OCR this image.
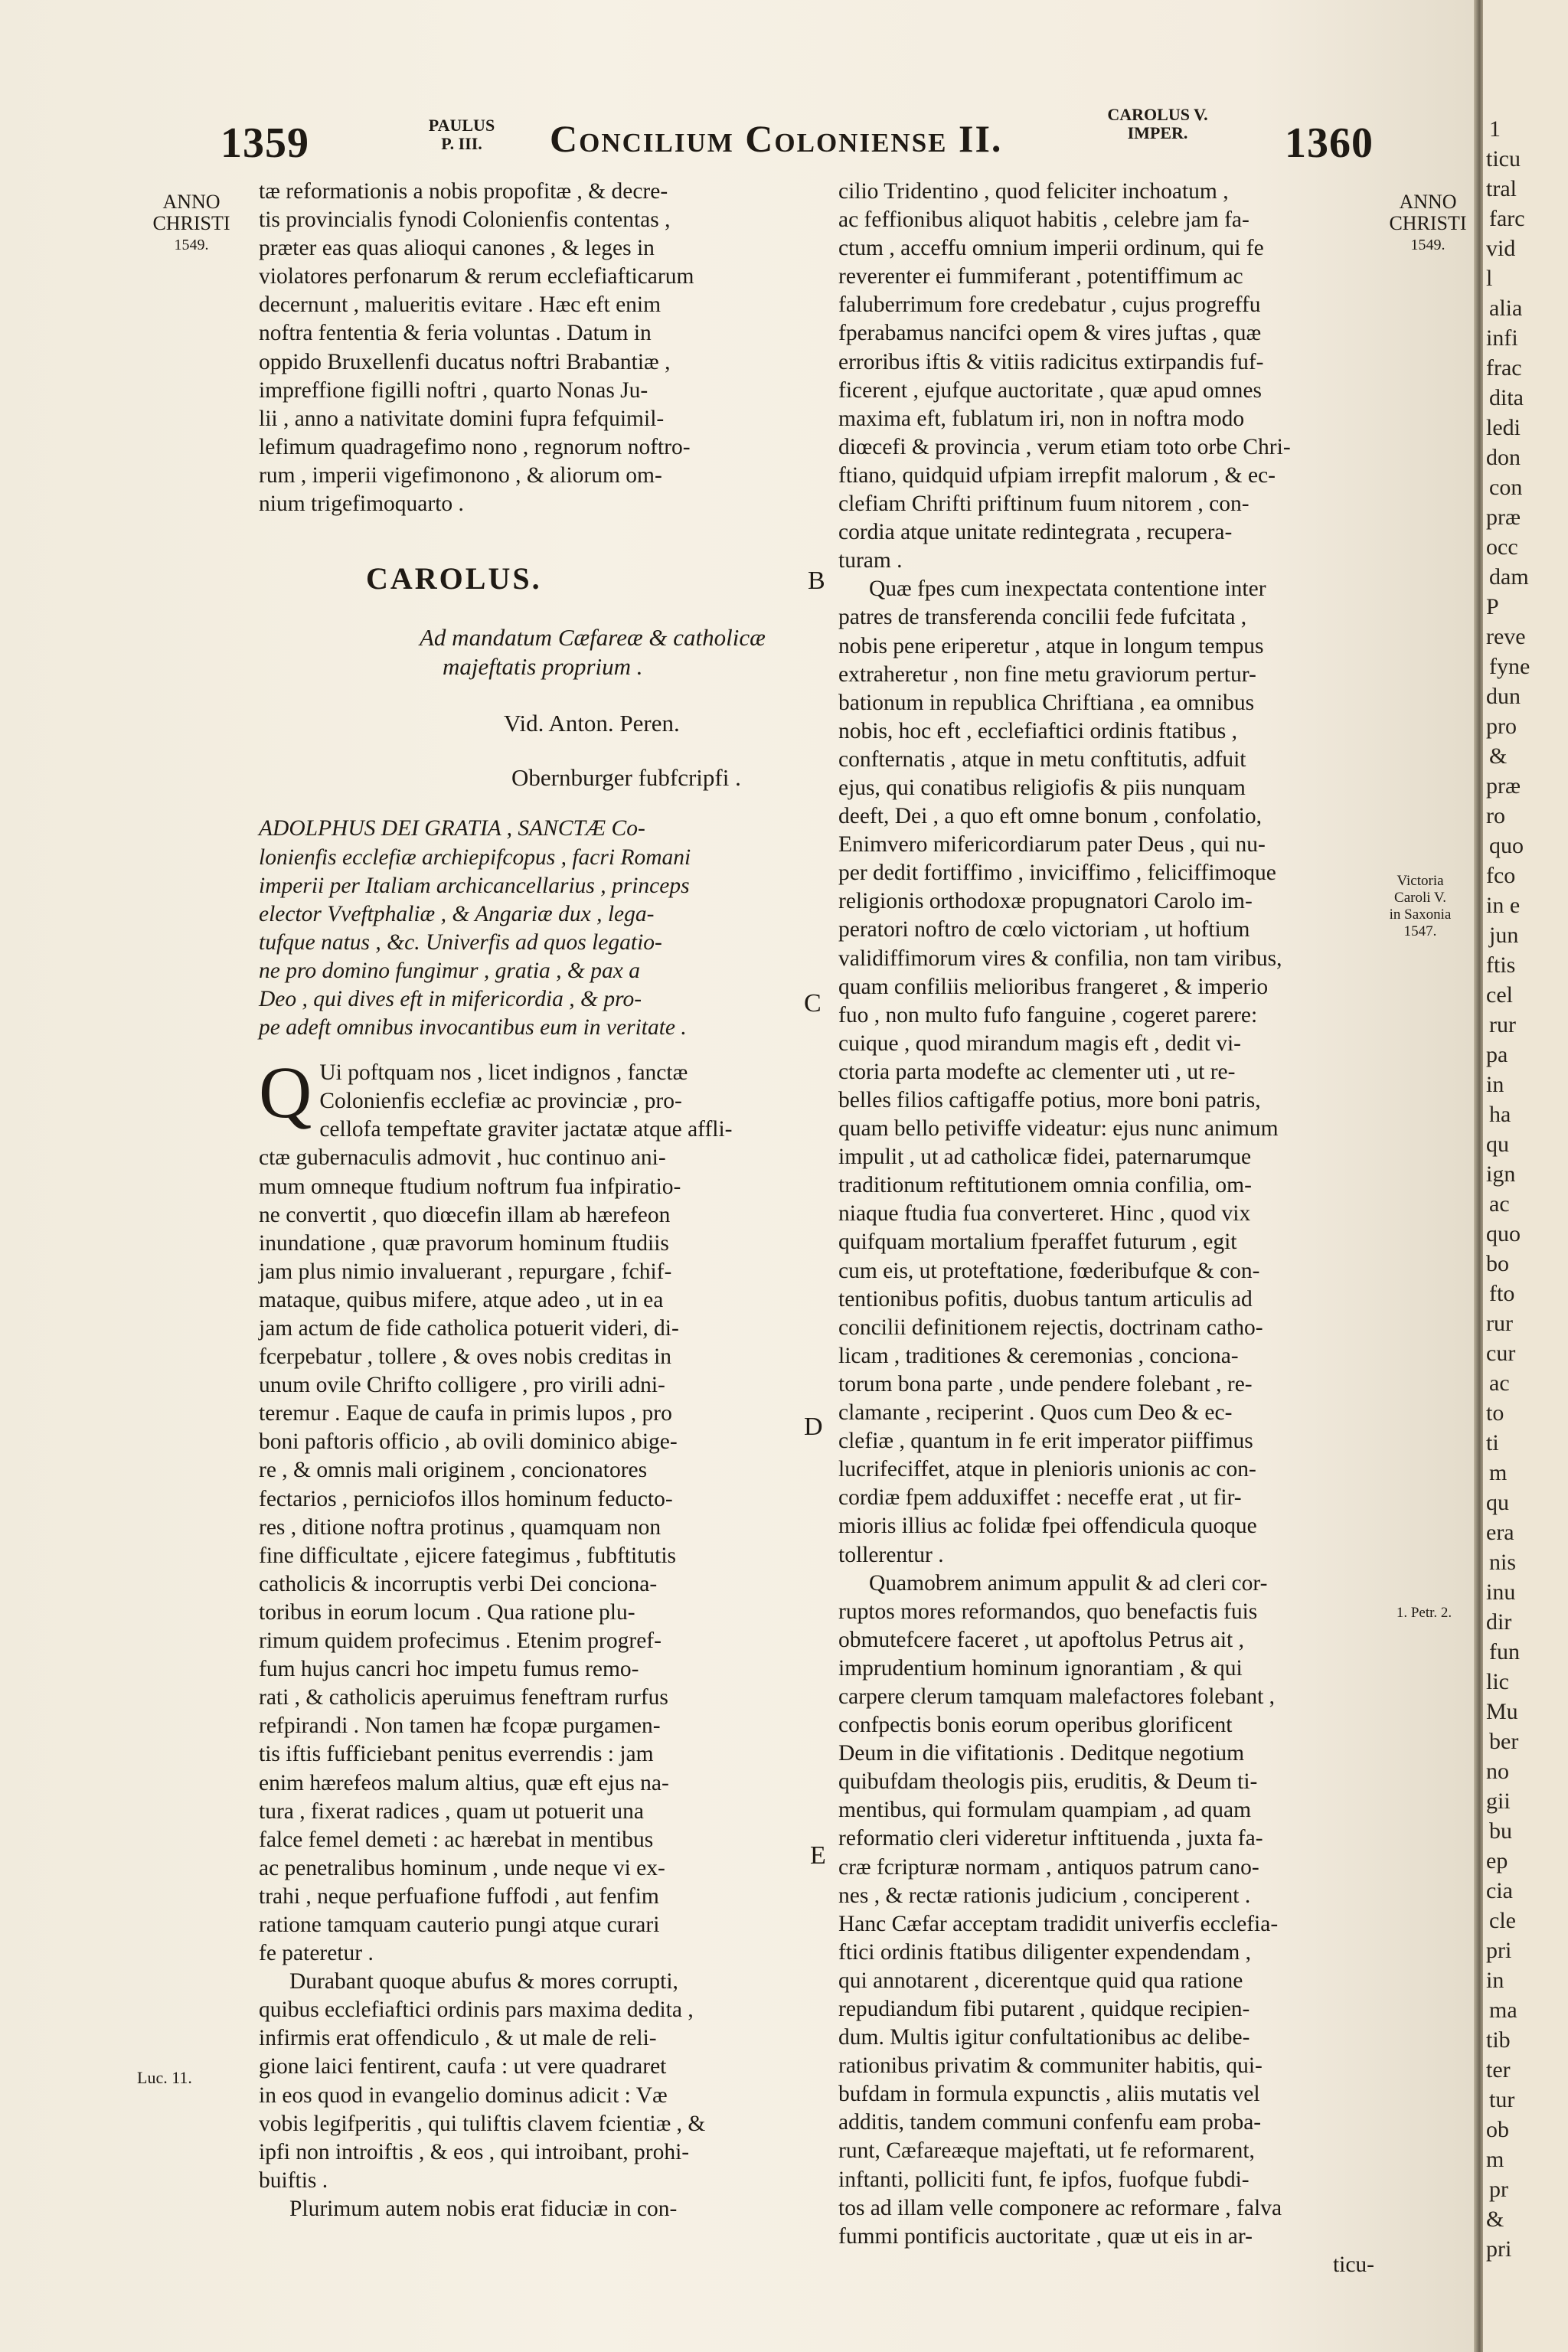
1
ticu
tral
farc
vid
l
alia
infi
frac
dita
ledi
don
con
præ
occ
dam
P
reve
fyne
dun
pro
&
præ
ro
quo
fco
in e
jun
ftis
cel
rur
pa
in
ha
qu
ign
ac
quo
bo
fto
rur
cur
ac
to
ti
m
qu
era
nis
inu
dir
fun
lic
Mu
ber
no
gii
bu
ep
cia
cle
pri
in
ma
tib
ter
tur
ob
m
pr
&
pri
1359	PAULUS
P. III.	Concilium Coloniense II.
CAROLUS V.
IMPER.	1360
ANNO
CHRISTI
1549.
Luc. 11.
ANNO
CHRISTI
1549.
Victoria
Caroli V.
in Saxonia
1547.
1. Petr. 2.
B
C
D
E
tæ reformationis a nobis propofitæ , & decre-
tis provincialis fynodi Colonienfis contentas ,
præter eas quas alioqui canones , & leges in
violatores perfonarum & rerum ecclefiafticarum
decernunt , malueritis evitare . Hæc eft enim
noftra fententia & feria voluntas . Datum in
oppido Bruxellenfi ducatus noftri Brabantiæ ,
impreffione figilli noftri , quarto Nonas Ju-
lii , anno a nativitate domini fupra fefquimil-
lefimum quadragefimo nono , regnorum noftro-
rum , imperii vigefimonono , & aliorum om-
nium trigefimoquarto .
CAROLUS.
Ad mandatum Cæfareæ & catholicæ
majeftatis proprium .
Vid. Anton. Peren.
Obernburger fubfcripfi .
ADOLPHUS DEI GRATIA , SANCTÆ Co-
lonienfis ecclefiæ archiepifcopus , facri Romani
imperii per Italiam archicancellarius , princeps
elector Vveftphaliæ , & Angariæ dux , lega-
tufque natus , &c. Univerfis ad quos legatio-
ne pro domino fungimur , gratia , & pax a
Deo , qui dives eft in mifericordia , & pro-
pe adeft omnibus invocantibus eum in veritate .
Q Ui poftquam nos , licet indignos , fanctæ
Colonienfis ecclefiæ ac provinciæ , pro-
cellofa tempeftate graviter jactatæ atque affli-
ctæ gubernaculis admovit , huc continuo ani-
mum omneque ftudium noftrum fua infpiratio-
ne convertit , quo diœcefin illam ab hærefeon
inundatione , quæ pravorum hominum ftudiis
jam plus nimio invaluerant , repurgare , fchif-
mataque, quibus mifere, atque adeo , ut in ea
jam actum de fide catholica potuerit videri, di-
fcerpebatur , tollere , & oves nobis creditas in
unum ovile Chrifto colligere , pro virili adni-
teremur . Eaque de caufa in primis lupos , pro
boni paftoris officio , ab ovili dominico abige-
re , & omnis mali originem , concionatores
fectarios , perniciofos illos hominum feducto-
res , ditione noftra protinus , quamquam non
fine difficultate , ejicere fategimus , fubftitutis
catholicis & incorruptis verbi Dei conciona-
toribus in eorum locum . Qua ratione plu-
rimum quidem profecimus . Etenim progref-
fum hujus cancri hoc impetu fumus remo-
rati , & catholicis aperuimus feneftram rurfus
refpirandi . Non tamen hæ fcopæ purgamen-
tis iftis fufficiebant penitus everrendis : jam
enim hærefeos malum altius, quæ eft ejus na-
tura , fixerat radices , quam ut potuerit una
falce femel demeti : ac hærebat in mentibus
ac penetralibus hominum , unde neque vi ex-
trahi , neque perfuafione fuffodi , aut fenfim
ratione tamquam cauterio pungi atque curari
fe pateretur .
Durabant quoque abufus & mores corrupti,
quibus ecclefiaftici ordinis pars maxima dedita ,
infirmis erat offendiculo , & ut male de reli-
gione laici fentirent, caufa : ut vere quadraret
in eos quod in evangelio dominus adicit : Væ
vobis legifperitis , qui tuliftis clavem fcientiæ , &
ipfi non introiftis , & eos , qui introibant, prohi-
buiftis .
Plurimum autem nobis erat fiduciæ in con-
cilio Tridentino , quod feliciter inchoatum ,
ac feffionibus aliquot habitis , celebre jam fa-
ctum , acceffu omnium imperii ordinum, qui fe
reverenter ei fummiferant , potentiffimum ac
faluberrimum fore credebatur , cujus progreffu
fperabamus nancifci opem & vires juftas , quæ
erroribus iftis & vitiis radicitus extirpandis fuf-
ficerent , ejufque auctoritate , quæ apud omnes
maxima eft, fublatum iri, non in noftra modo
diœcefi & provincia , verum etiam toto orbe Chri-
ftiano, quidquid ufpiam irrepfit malorum , & ec-
clefiam Chrifti priftinum fuum nitorem , con-
cordia atque unitate redintegrata , recupera-
turam .
Quæ fpes cum inexpectata contentione inter
patres de transferenda concilii fede fufcitata ,
nobis pene eriperetur , atque in longum tempus
extraheretur , non fine metu graviorum pertur-
bationum in republica Chriftiana , ea omnibus
nobis, hoc eft , ecclefiaftici ordinis ftatibus ,
confternatis , atque in metu conftitutis, adfuit
ejus, qui conatibus religiofis & piis nunquam
deeft, Dei , a quo eft omne bonum , confolatio,
Enimvero mifericordiarum pater Deus , qui nu-
per dedit fortiffimo , inviciffimo , feliciffimoque
religionis orthodoxæ propugnatori Carolo im-
peratori noftro de cœlo victoriam , ut hoftium
validiffimorum vires & confilia, non tam viribus,
quam confiliis melioribus frangeret , & imperio
fuo , non multo fufo fanguine , cogeret parere:
cuique , quod mirandum magis eft , dedit vi-
ctoria parta modefte ac clementer uti , ut re-
belles filios caftigaffe potius, more boni patris,
quam bello petiviffe videatur: ejus nunc animum
impulit , ut ad catholicæ fidei, paternarumque
traditionum reftitutionem omnia confilia, om-
niaque ftudia fua converteret. Hinc , quod vix
quifquam mortalium fperaffet futurum , egit
cum eis, ut proteftatione, fœderibufque & con-
tentionibus pofitis, duobus tantum articulis ad
concilii definitionem rejectis, doctrinam catho-
licam , traditiones & ceremonias , conciona-
torum bona parte , unde pendere folebant , re-
clamante , reciperint . Quos cum Deo & ec-
clefiæ , quantum in fe erit imperator piiffimus
lucrifeciffet, atque in plenioris unionis ac con-
cordiæ fpem adduxiffet : neceffe erat , ut fir-
mioris illius ac folidæ fpei offendicula quoque
tollerentur .
Quamobrem animum appulit & ad cleri cor-
ruptos mores reformandos, quo benefactis fuis
obmutefcere faceret , ut apoftolus Petrus ait ,
imprudentium hominum ignorantiam , & qui
carpere clerum tamquam malefactores folebant ,
confpectis bonis eorum operibus glorificent
Deum in die vifitationis . Deditque negotium
quibufdam theologis piis, eruditis, & Deum ti-
mentibus, qui formulam quampiam , ad quam
reformatio cleri videretur inftituenda , juxta fa-
cræ fcripturæ normam , antiquos patrum cano-
nes , & rectæ rationis judicium , conciperent .
Hanc Cæfar acceptam tradidit univerfis ecclefia-
ftici ordinis ftatibus diligenter expendendam ,
qui annotarent , dicerentque quid qua ratione
repudiandum fibi putarent , quidque recipien-
dum. Multis igitur confultationibus ac delibe-
rationibus privatim & communiter habitis, qui-
bufdam in formula expunctis , aliis mutatis vel
additis, tandem communi confenfu eam proba-
runt, Cæfareæque majeftati, ut fe reformarent,
inftanti, polliciti funt, fe ipfos, fuofque fubdi-
tos ad illam velle componere ac reformare , falva
fummi pontificis auctoritate , quæ ut eis in ar-
ticu-
